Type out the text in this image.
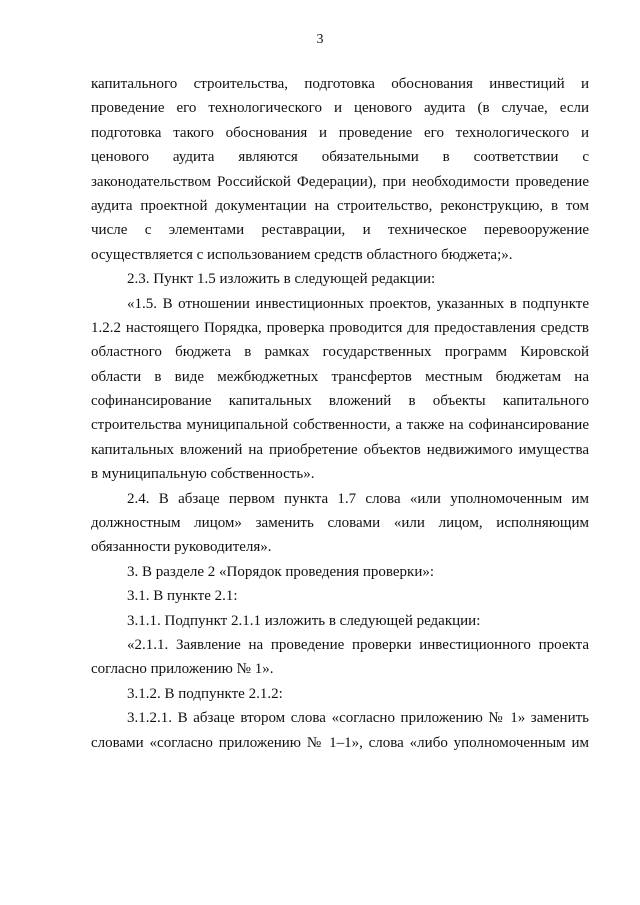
3
капитального строительства, подготовка обоснования инвестиций и
проведение его технологического и ценового аудита (в случае, если
подготовка такого обоснования и проведение его технологического и
ценового аудита являются обязательными в соответствии с
законодательством Российской Федерации), при необходимости проведение
аудита проектной документации на строительство, реконструкцию, в том
числе с элементами реставрации, и техническое перевооружение
осуществляется с использованием средств областного бюджета;».
2.3. Пункт 1.5 изложить в следующей редакции:
«1.5. В отношении инвестиционных проектов, указанных в подпункте
1.2.2 настоящего Порядка, проверка проводится для предоставления средств
областного бюджета в рамках государственных программ Кировской
области в виде межбюджетных трансфертов местным бюджетам на
софинансирование капитальных вложений в объекты капитального
строительства муниципальной собственности, а также на софинансирование
капитальных вложений на приобретение объектов недвижимого имущества
в муниципальную собственность».
2.4. В абзаце первом пункта 1.7 слова «или уполномоченным им
должностным лицом» заменить словами «или лицом, исполняющим
обязанности руководителя».
3. В разделе 2 «Порядок проведения проверки»:
3.1. В пункте 2.1:
3.1.1. Подпункт 2.1.1 изложить в следующей редакции:
«2.1.1. Заявление на проведение проверки инвестиционного проекта
согласно приложению № 1».
3.1.2. В подпункте 2.1.2:
3.1.2.1. В абзаце втором слова «согласно приложению № 1» заменить
словами «согласно приложению № 1–1», слова «либо уполномоченным им
